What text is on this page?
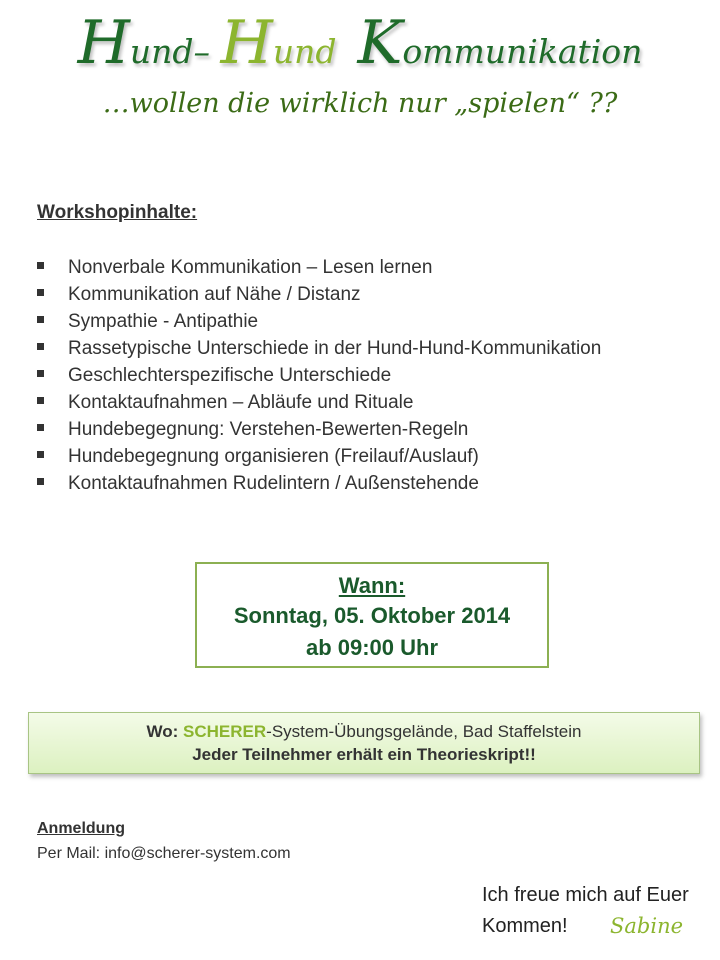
Hund– Hund  Kommunikation
…wollen die wirklich nur „spielen“ ??
Workshopinhalte:
Nonverbale Kommunikation – Lesen lernen
Kommunikation auf Nähe / Distanz
Sympathie - Antipathie
Rassetypische Unterschiede in der Hund-Hund-Kommunikation
Geschlechterspezifische Unterschiede
Kontaktaufnahmen – Abläufe und Rituale
Hundebegegnung: Verstehen-Bewerten-Regeln
Hundebegegnung organisieren (Freilauf/Auslauf)
Kontaktaufnahmen Rudelintern / Außenstehende
Wann:
Sonntag, 05. Oktober 2014
ab 09:00 Uhr
Wo: SCHERER-System-Übungsgelände, Bad Staffelstein
Jeder Teilnehmer erhält ein Theorieskript!!
Anmeldung
Per Mail: info@scherer-system.com
Ich freue mich auf Euer
Kommen!	Sabine
